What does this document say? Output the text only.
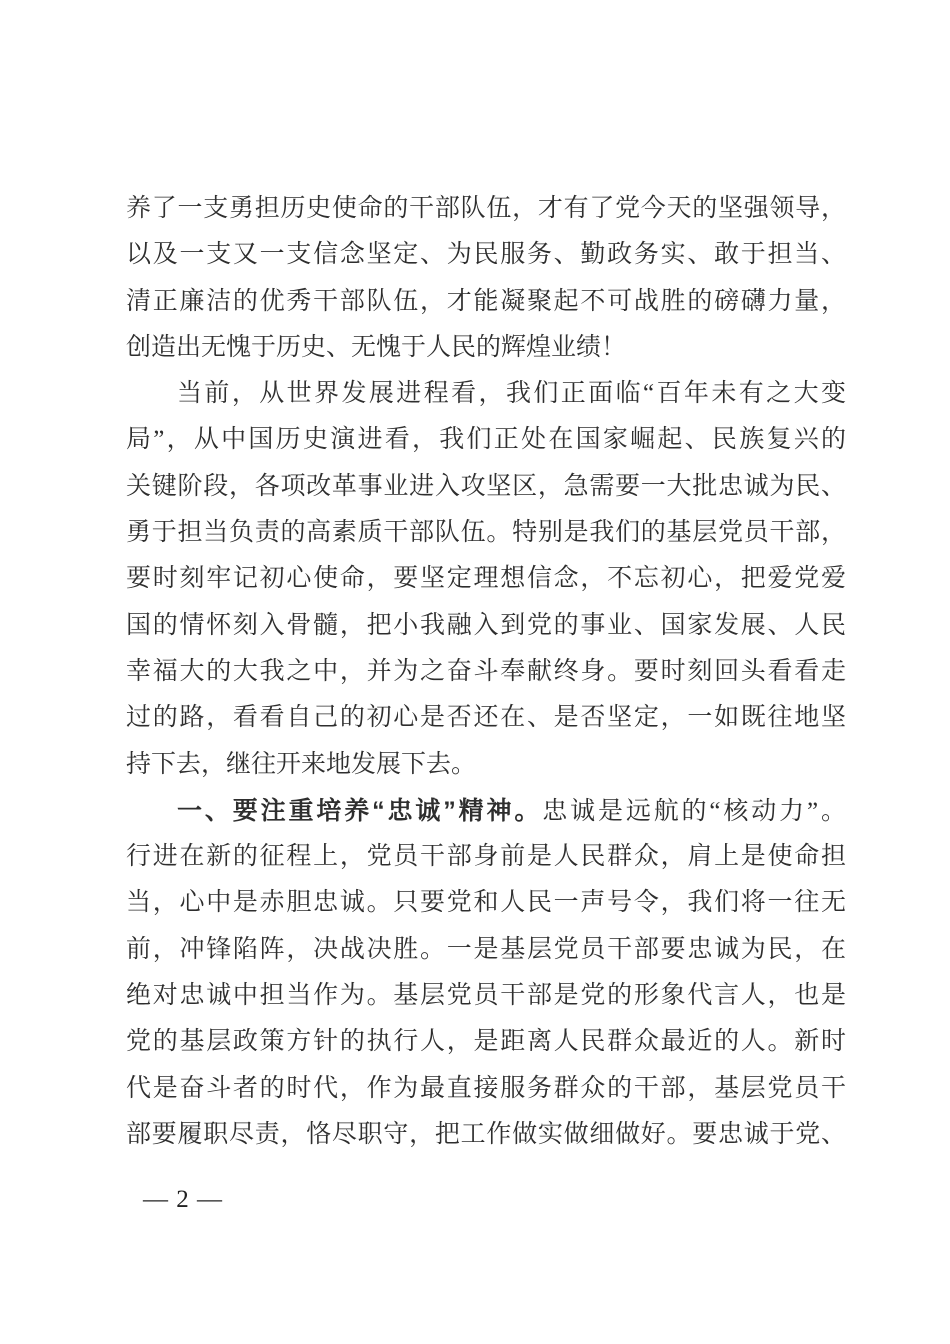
养了一支勇担历史使命的干部队伍，才有了党今天的坚强领导，
以及一支又一支信念坚定、为民服务、勤政务实、敢于担当、
清正廉洁的优秀干部队伍，才能凝聚起不可战胜的磅礴力量，
创造出无愧于历史、无愧于人民的辉煌业绩！
当前，从世界发展进程看，我们正面临“百年未有之大变
局”，从中国历史演进看，我们正处在国家崛起、民族复兴的
关键阶段，各项改革事业进入攻坚区，急需要一大批忠诚为民、
勇于担当负责的高素质干部队伍。特别是我们的基层党员干部，
要时刻牢记初心使命，要坚定理想信念，不忘初心，把爱党爱
国的情怀刻入骨髓，把小我融入到党的事业、国家发展、人民
幸福大的大我之中，并为之奋斗奉献终身。要时刻回头看看走
过的路，看看自己的初心是否还在、是否坚定，一如既往地坚
持下去，继往开来地发展下去。
一、要注重培养“忠诚”精神。忠诚是远航的“核动力”。
行进在新的征程上，党员干部身前是人民群众，肩上是使命担
当，心中是赤胆忠诚。只要党和人民一声号令，我们将一往无
前，冲锋陷阵，决战决胜。一是基层党员干部要忠诚为民，在
绝对忠诚中担当作为。基层党员干部是党的形象代言人，也是
党的基层政策方针的执行人，是距离人民群众最近的人。新时
代是奋斗者的时代，作为最直接服务群众的干部，基层党员干
部要履职尽责，恪尽职守，把工作做实做细做好。要忠诚于党、
— 2 —
